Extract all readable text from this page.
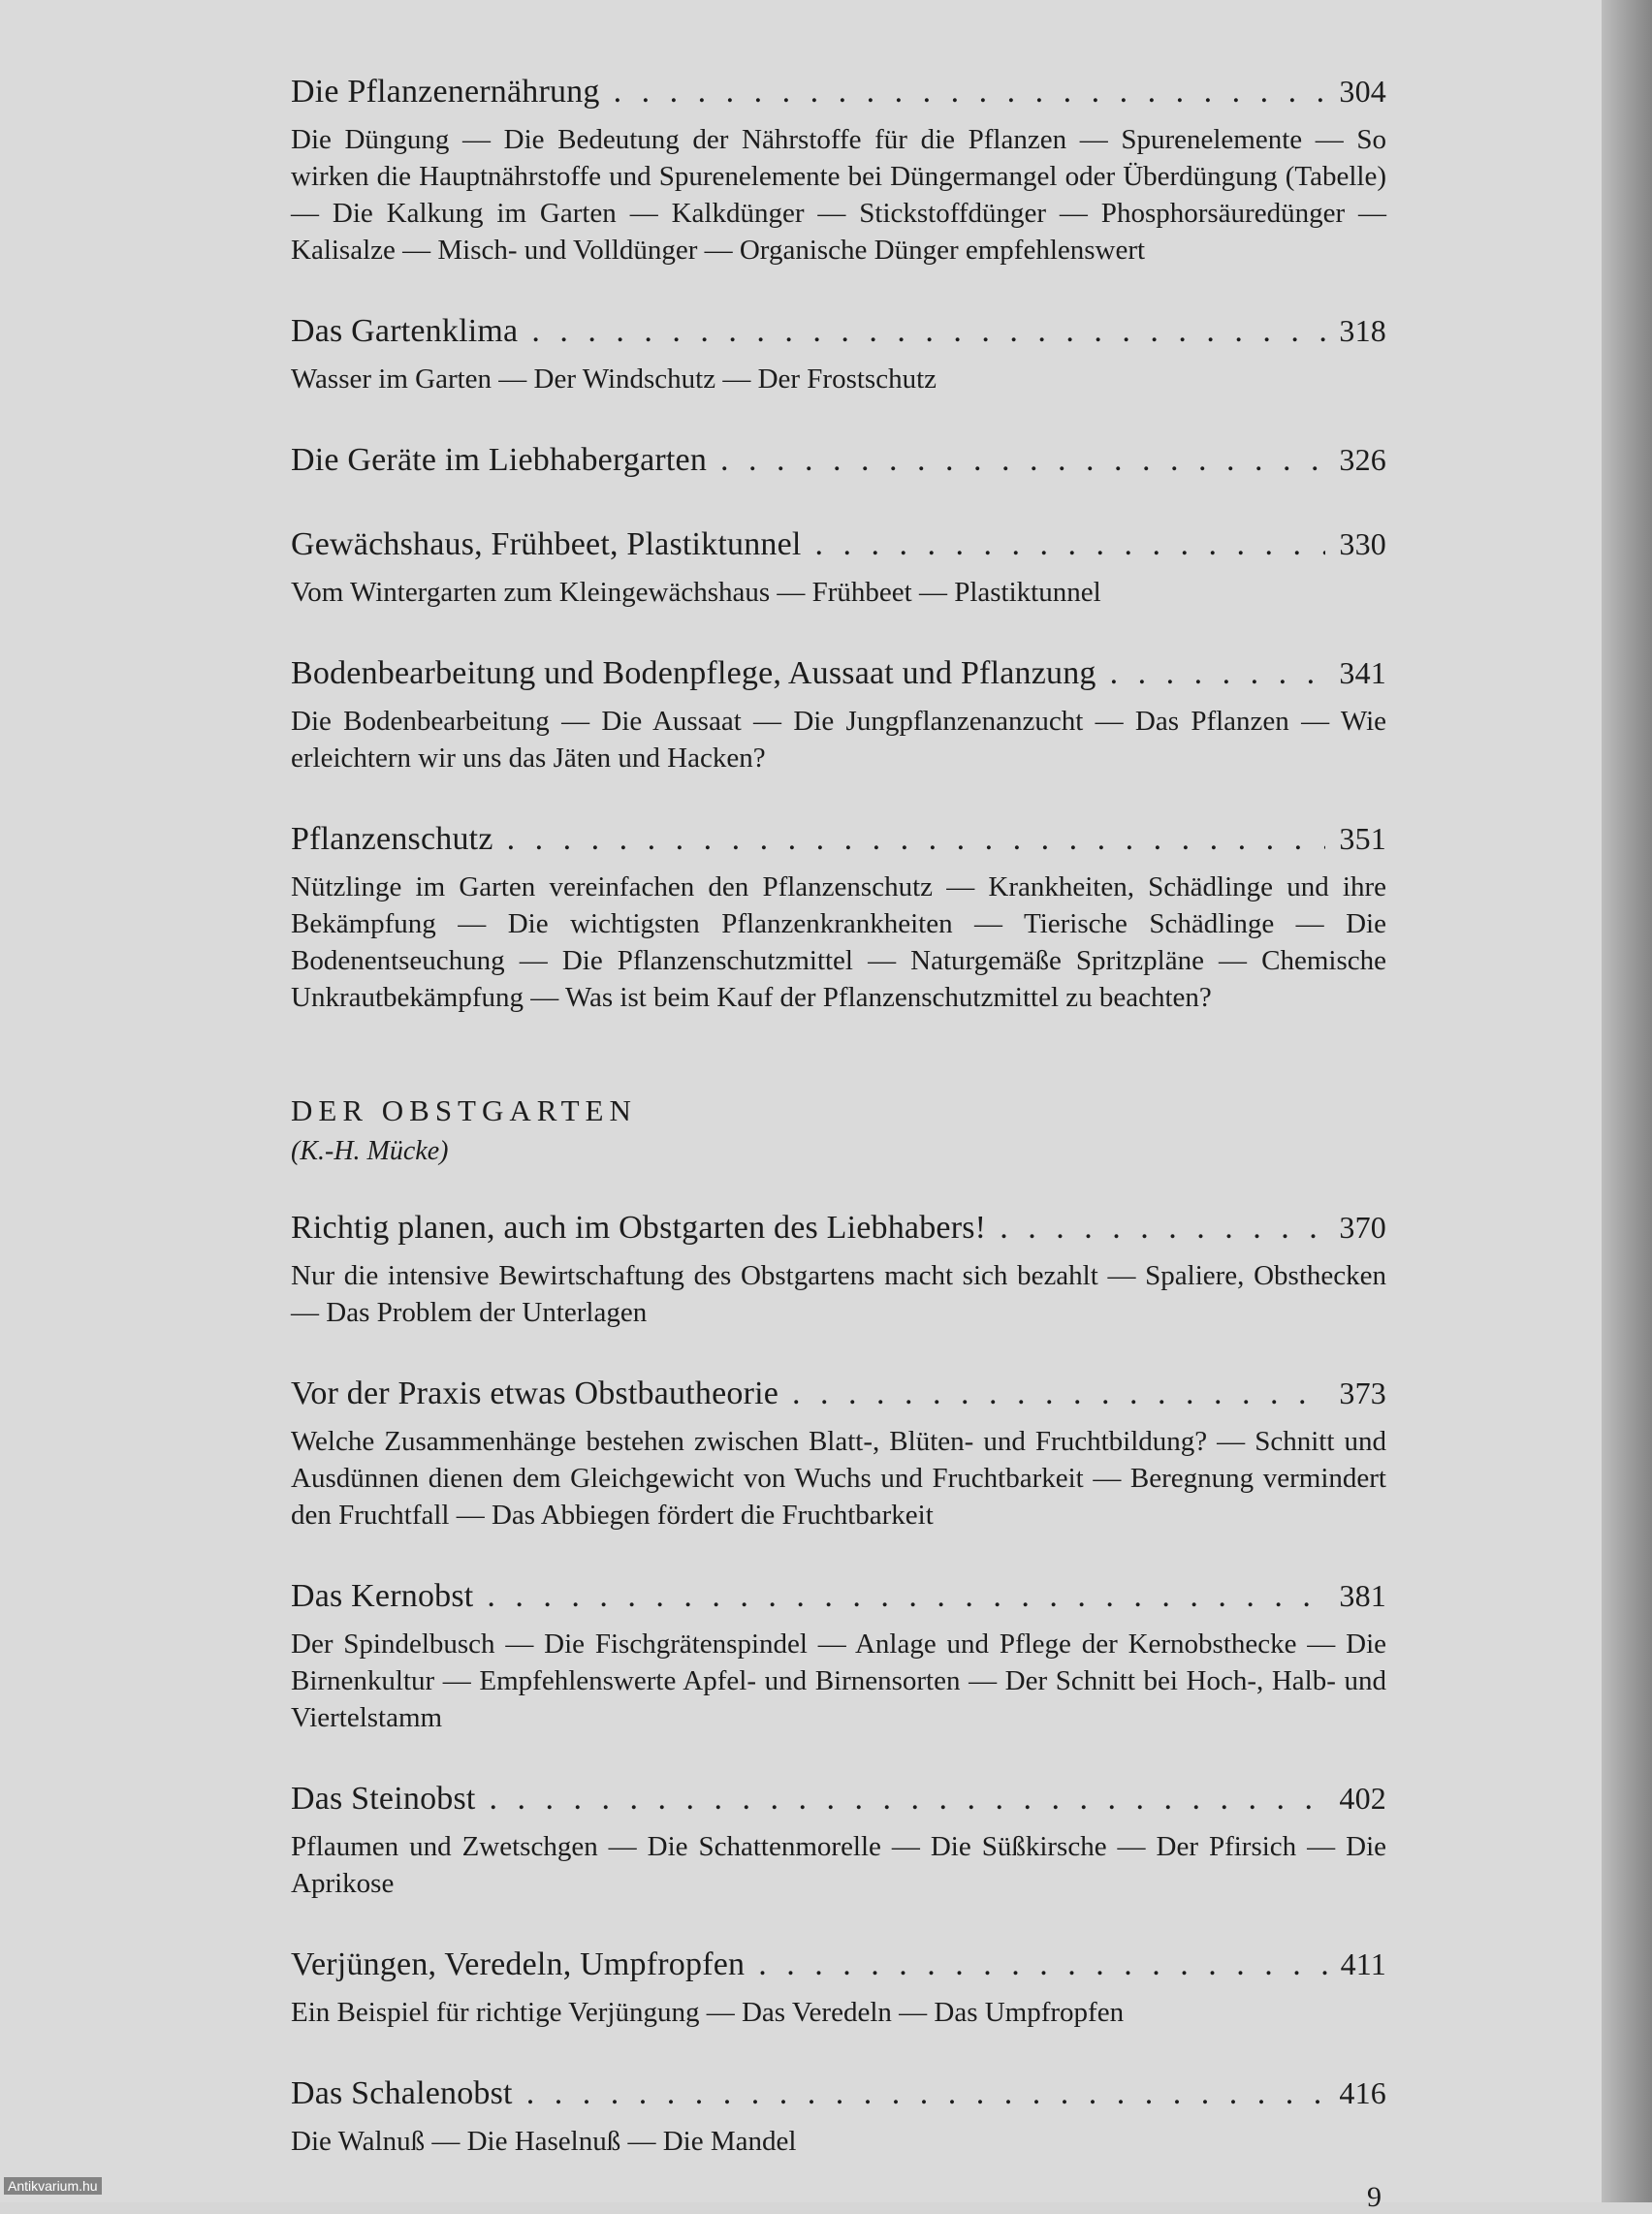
Die Pflanzenernährung . . .	304
Die Düngung — Die Bedeutung der Nährstoffe für die Pflanzen — Spurenelemente — So wirken die Hauptnährstoffe und Spurenelemente bei Düngermangel oder Überdüngung (Tabelle) — Die Kalkung im Garten — Kalkdünger — Stickstoffdünger — Phosphorsäuredünger — Kalisalze — Misch- und Volldünger — Organische Dünger empfehlenswert
Das Gartenklima . . .	318
Wasser im Garten — Der Windschutz — Der Frostschutz
Die Geräte im Liebhabergarten . . .	326
Gewächshaus, Frühbeet, Plastiktunnel . . .	330
Vom Wintergarten zum Kleingewächshaus — Frühbeet — Plastiktunnel
Bodenbearbeitung und Bodenpflege, Aussaat und Pflanzung . . .	341
Die Bodenbearbeitung — Die Aussaat — Die Jungpflanzenanzucht — Das Pflanzen — Wie erleichtern wir uns das Jäten und Hacken?
Pflanzenschutz . . .	351
Nützlinge im Garten vereinfachen den Pflanzenschutz — Krankheiten, Schädlinge und ihre Bekämpfung — Die wichtigsten Pflanzenkrankheiten — Tierische Schädlinge — Die Bodenentseuchung — Die Pflanzenschutzmittel — Naturgemäße Spritzpläne — Chemische Unkrautbekämpfung — Was ist beim Kauf der Pflanzenschutzmittel zu beachten?
DER OBSTGARTEN
(K.-H. Mücke)
Richtig planen, auch im Obstgarten des Liebhabers! . . .	370
Nur die intensive Bewirtschaftung des Obstgartens macht sich bezahlt — Spaliere, Obsthecken — Das Problem der Unterlagen
Vor der Praxis etwas Obstbautheorie . . .	373
Welche Zusammenhänge bestehen zwischen Blatt-, Blüten- und Fruchtbildung? — Schnitt und Ausdünnen dienen dem Gleichgewicht von Wuchs und Fruchtbarkeit — Beregnung vermindert den Fruchtfall — Das Abbiegen fördert die Fruchtbarkeit
Das Kernobst . . .	381
Der Spindelbusch — Die Fischgrätenspindel — Anlage und Pflege der Kernobsthecke — Die Birnenkultur — Empfehlenswerte Apfel- und Birnensorten — Der Schnitt bei Hoch-, Halb- und Viertelstamm
Das Steinobst . . .	402
Pflaumen und Zwetschgen — Die Schattenmorelle — Die Süßkirsche — Der Pfirsich — Die Aprikose
Verjüngen, Veredeln, Umpfropfen . . .	411
Ein Beispiel für richtige Verjüngung — Das Veredeln — Das Umpfropfen
Das Schalenobst . . .	416
Die Walnuß — Die Haselnuß — Die Mandel
9
Antikvarium.hu
